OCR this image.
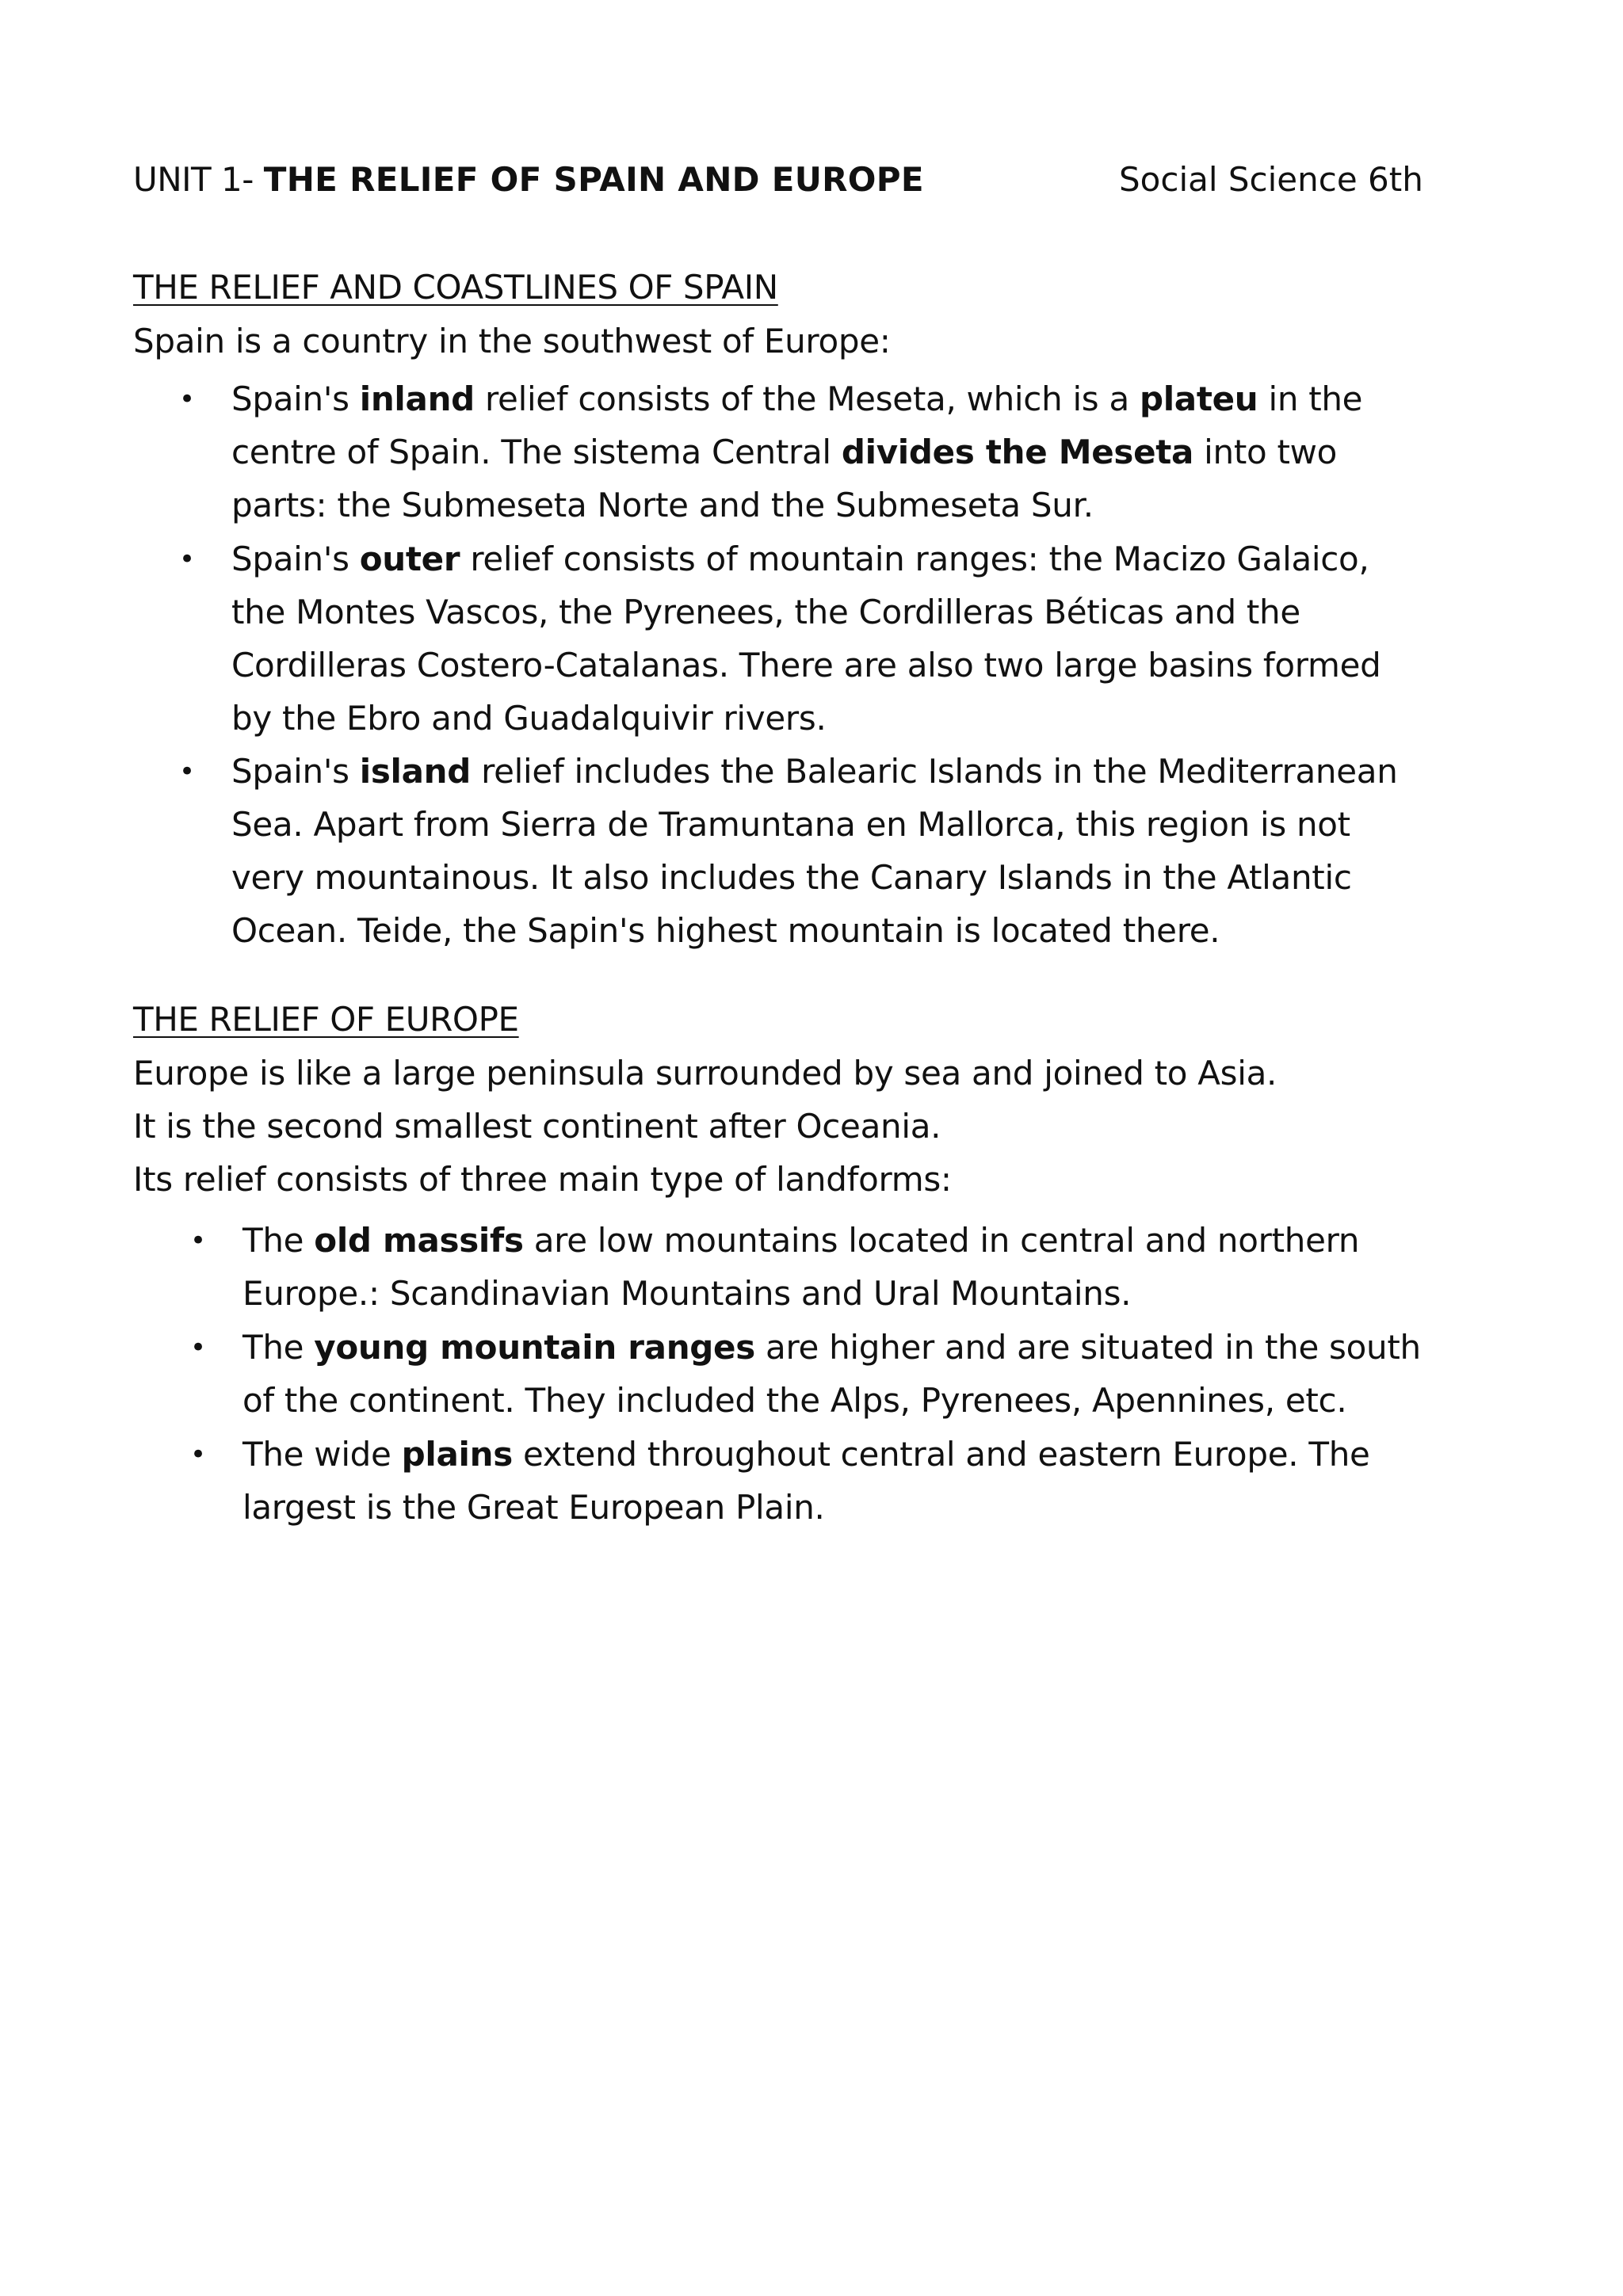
UNIT 1- THE RELIEF OF SPAIN AND EUROPE	Social Science 6th
THE RELIEF AND COASTLINES OF SPAIN
Spain is a country in the southwest of Europe:
• Spain's inland relief consists of the Meseta, which is a plateu in the
centre of Spain. The sistema Central divides the Meseta into two
parts: the Submeseta Norte and the Submeseta Sur.
• Spain's outer relief consists of mountain ranges: the Macizo Galaico,
the Montes Vascos, the Pyrenees, the Cordilleras Béticas and the
Cordilleras Costero-Catalanas. There are also two large basins formed
by the Ebro and Guadalquivir rivers.
• Spain's island relief includes the Balearic Islands in the Mediterranean
Sea. Apart from Sierra de Tramuntana en Mallorca, this region is not
very mountainous. It also includes the Canary Islands in the Atlantic
Ocean. Teide, the Sapin's highest mountain is located there.
THE RELIEF OF EUROPE
Europe is like a large peninsula surrounded by sea and joined to Asia.
It is the second smallest continent after Oceania.
Its relief consists of three main type of landforms:
• The old massifs are low mountains located in central and northern
Europe.: Scandinavian Mountains and Ural Mountains.
• The young mountain ranges are higher and are situated in the south
of the continent. They included the Alps, Pyrenees, Apennines, etc.
• The wide plains extend throughout central and eastern Europe. The
largest is the Great European Plain.
